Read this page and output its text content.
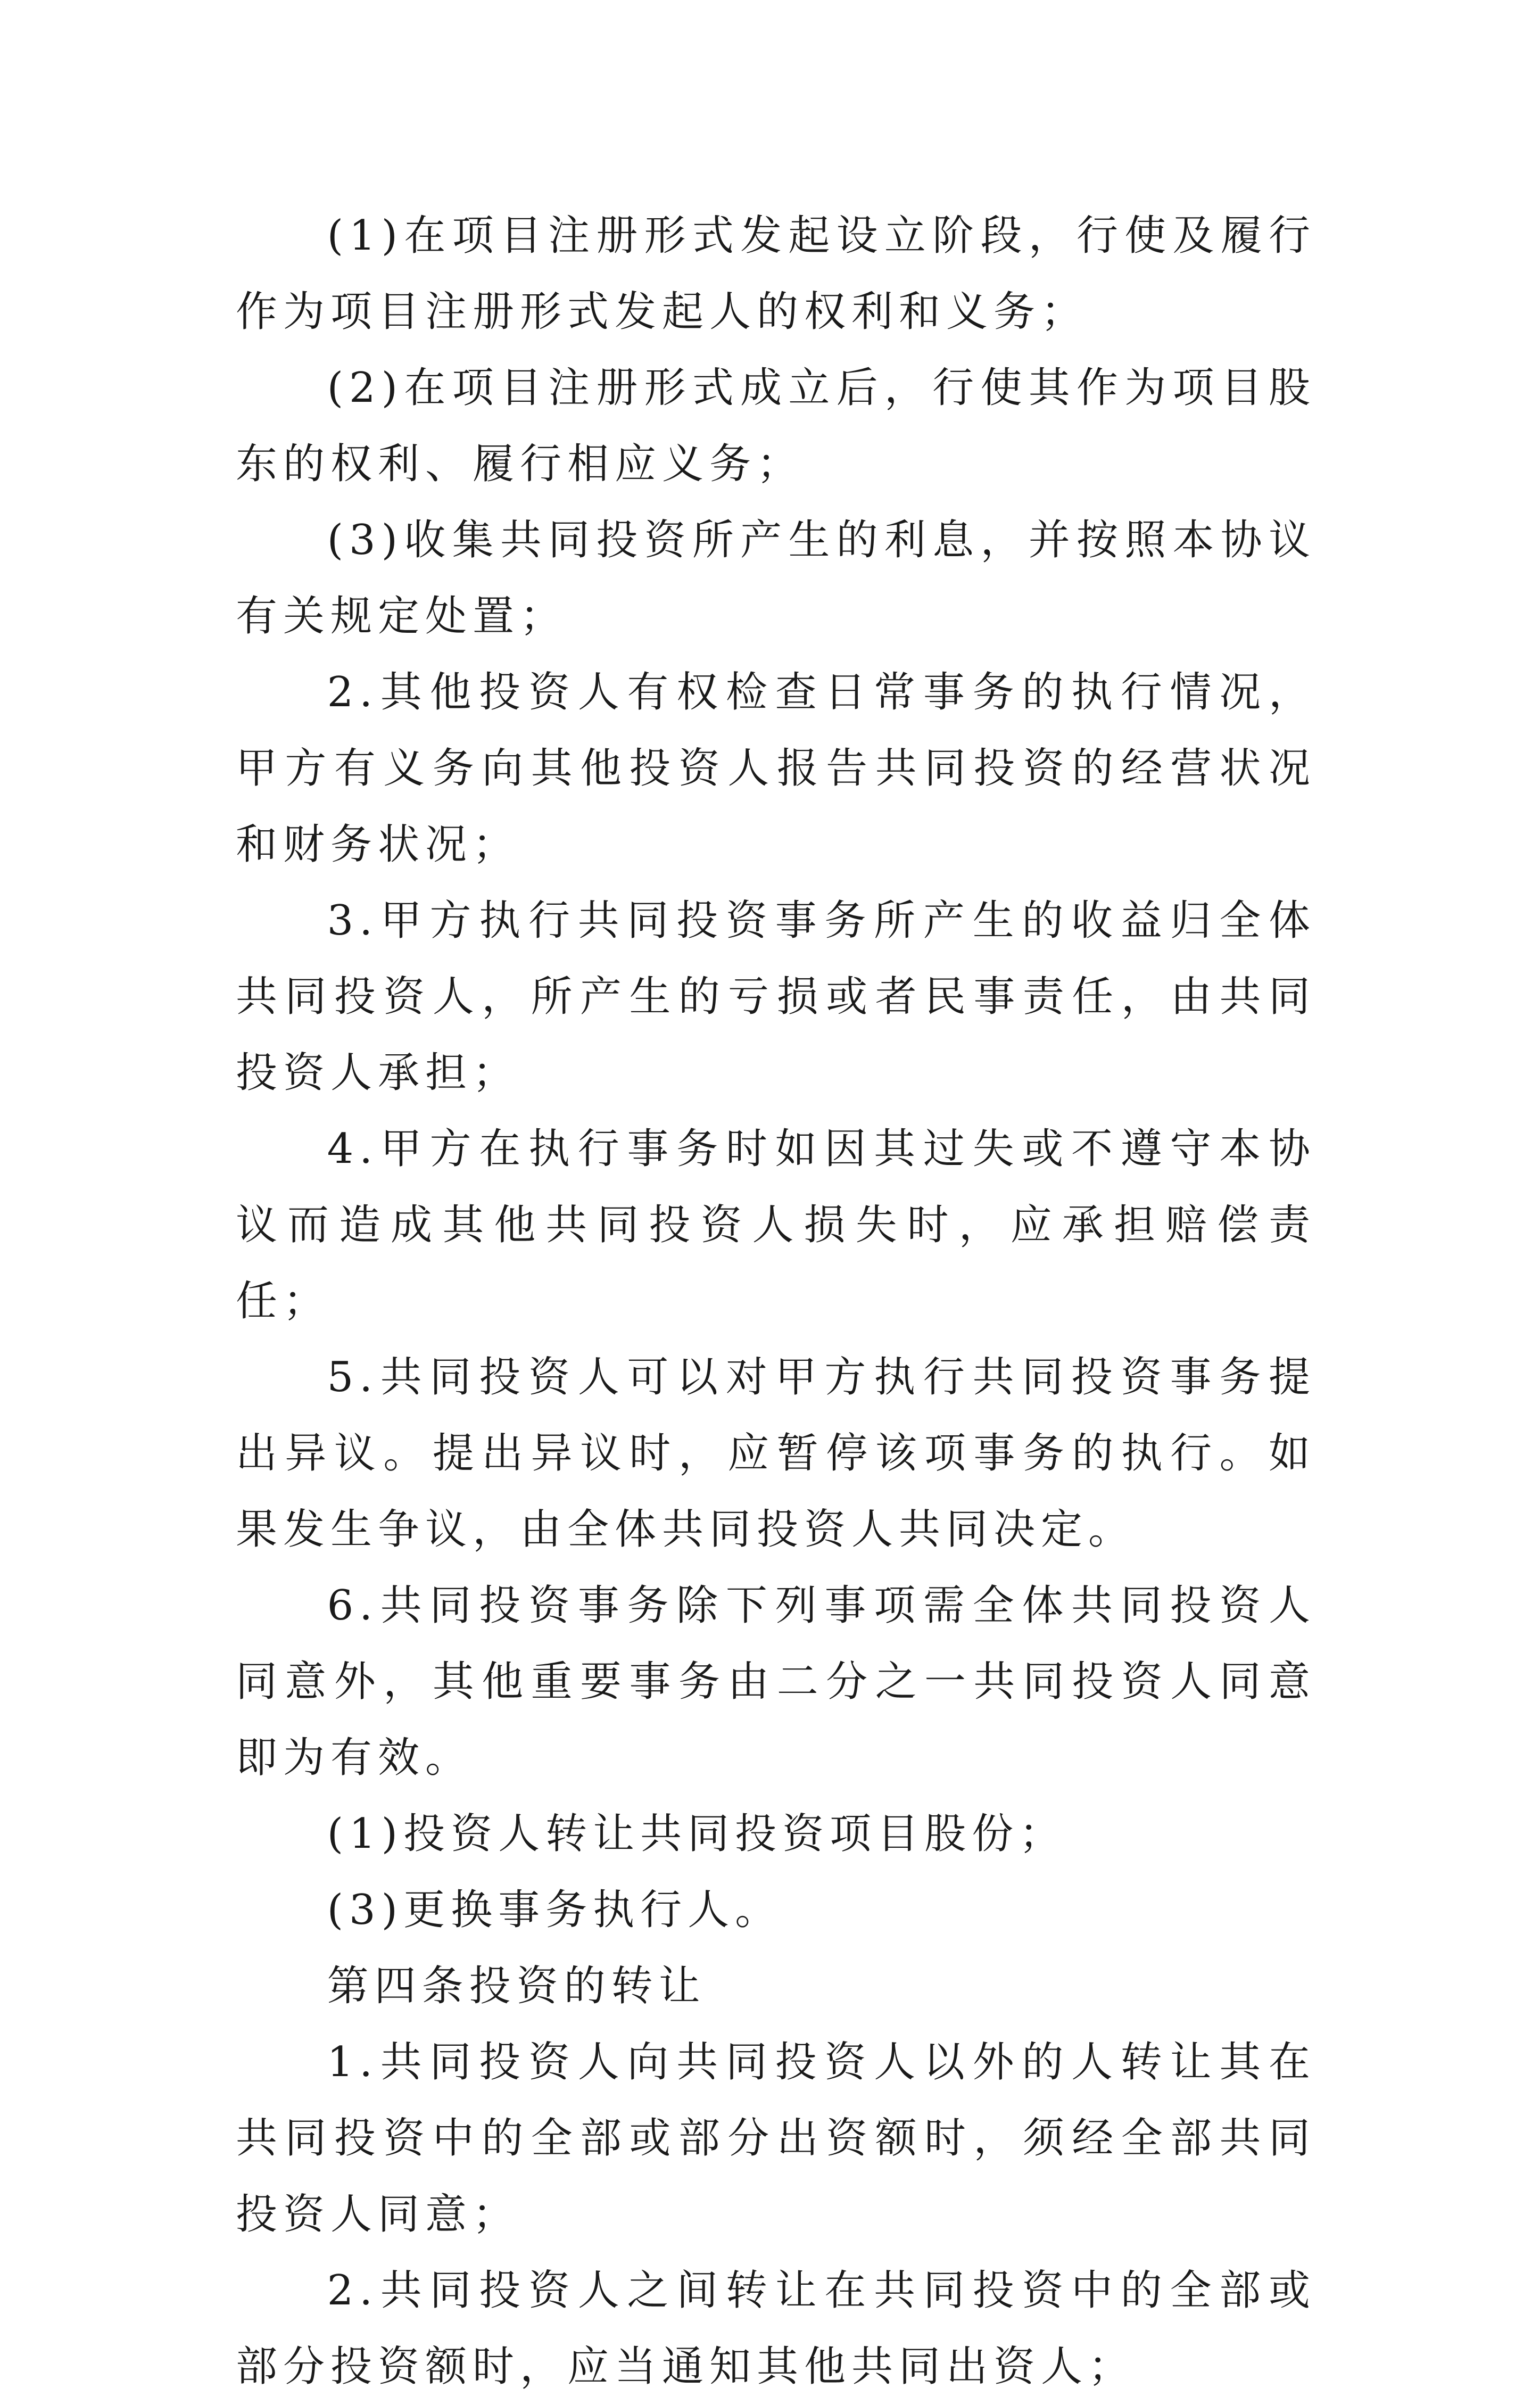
(1)在项目注册形式发起设立阶段，行使及履行作为项目注册形式发起人的权利和义务；

(2)在项目注册形式成立后，行使其作为项目股东的权利、履行相应义务；

(3)收集共同投资所产生的利息，并按照本协议有关规定处置；

2.其他投资人有权检查日常事务的执行情况，甲方有义务向其他投资人报告共同投资的经营状况和财务状况；

3.甲方执行共同投资事务所产生的收益归全体共同投资人，所产生的亏损或者民事责任，由共同投资人承担；

4.甲方在执行事务时如因其过失或不遵守本协议而造成其他共同投资人损失时，应承担赔偿责任；

5.共同投资人可以对甲方执行共同投资事务提出异议。提出异议时，应暂停该项事务的执行。如果发生争议，由全体共同投资人共同决定。

6.共同投资事务除下列事项需全体共同投资人同意外，其他重要事务由二分之一共同投资人同意即为有效。

(1)投资人转让共同投资项目股份；

(3)更换事务执行人。

第四条投资的转让

1.共同投资人向共同投资人以外的人转让其在共同投资中的全部或部分出资额时，须经全部共同投资人同意；

2.共同投资人之间转让在共同投资中的全部或部分投资额时，应当通知其他共同出资人；
